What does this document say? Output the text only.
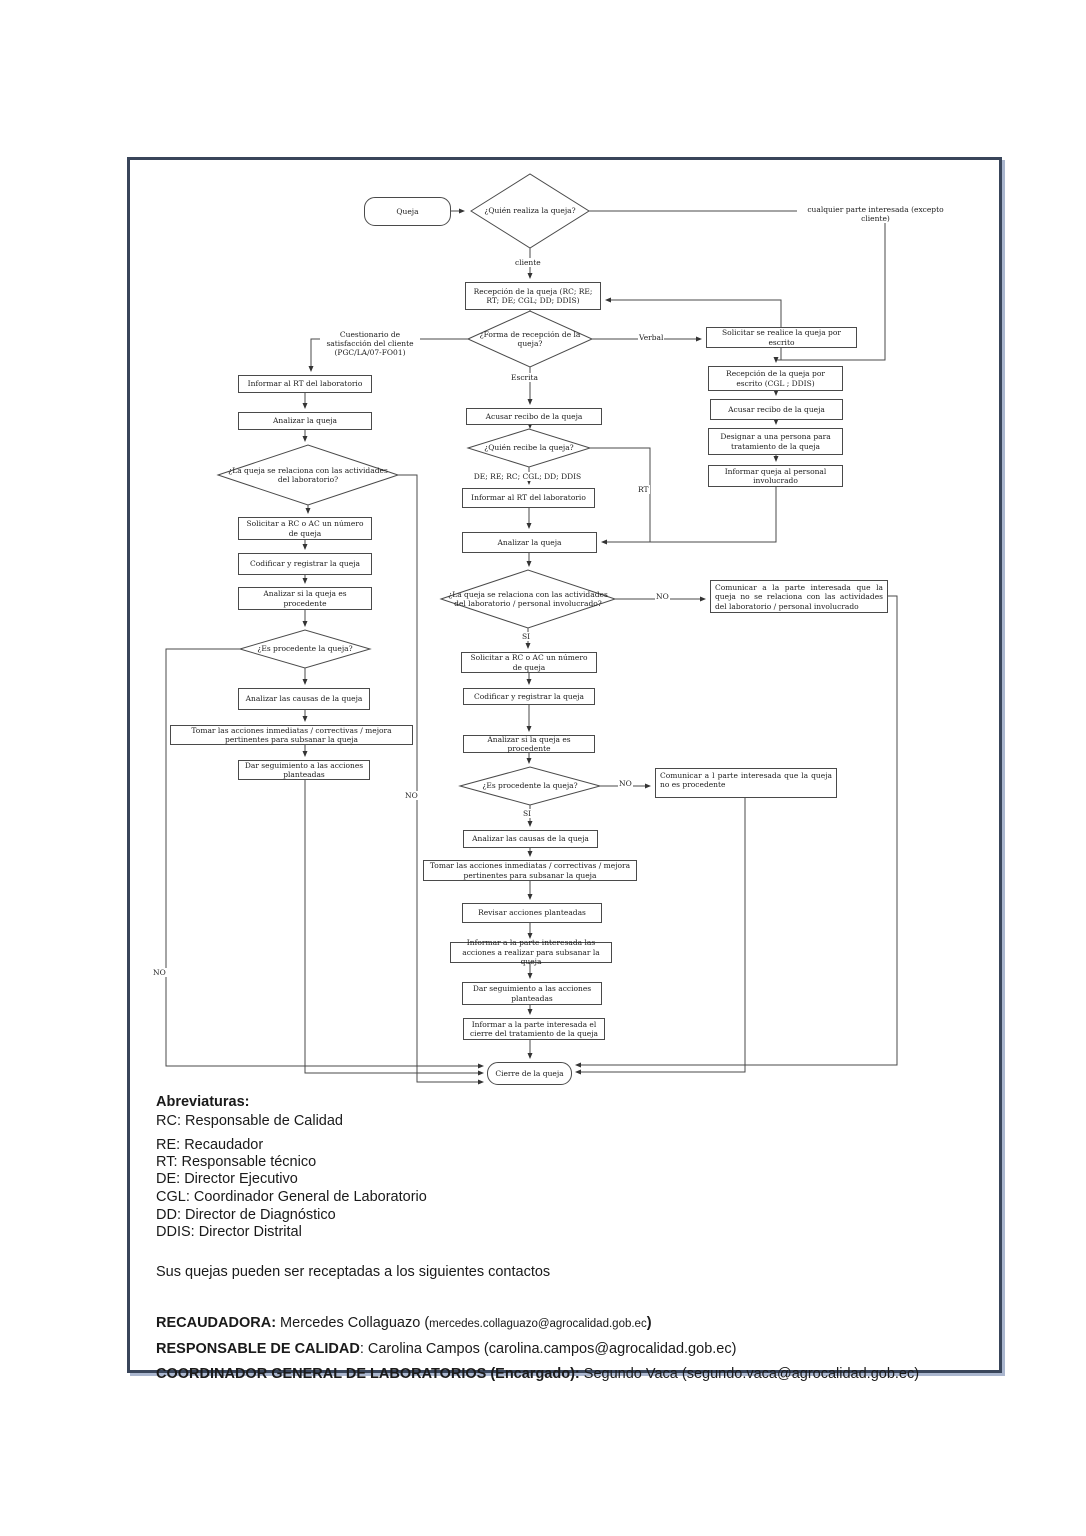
Queja
Cierre de la queja
¿Quién realiza la queja?
¿Forma de recepción de la queja?
¿La queja se relaciona con las actividades del laboratorio?
¿Es procedente la queja?
¿Quién recibe la queja?
¿La queja se relaciona con las actividades del laboratorio / personal involucrado?
¿Es procedente la queja?
Recepción de la queja (RC; RE; RT; DE; CGL; DD; DDIS)
Solicitar se realice la queja por escrito
Recepción de la queja por escrito (CGL ; DDIS)
Acusar recibo de la queja
Designar a una persona para tratamiento de la queja
Informar queja al personal involucrado
Informar al RT del laboratorio
Analizar la queja
Solicitar a RC o AC un número de queja
Codificar y registrar la queja
Analizar si la queja es procedente
Analizar las causas de la queja
Tomar las acciones inmediatas / correctivas / mejora pertinentes para subsanar la queja
Dar seguimiento a las acciones planteadas
Acusar recibo de la queja
Informar al RT del laboratorio
Analizar la queja
Comunicar a la parte interesada que la queja no se relaciona con las actividades del laboratorio / personal involucrado
Solicitar a RC o AC un número de queja
Codificar y registrar la queja
Analizar si la queja es procedente
Comunicar a l parte interesada que la queja no es procedente
Analizar las causas de la queja
Tomar las acciones inmediatas / correctivas / mejora pertinentes para subsanar la queja
Revisar acciones planteadas
Informar a la parte interesada las acciones a realizar para subsanar la queja
Dar seguimiento a las acciones planteadas
Informar a la parte interesada el cierre del tratamiento de la queja
cualquier parte interesada (excepto cliente)
cliente
Cuestionario de satisfacción del cliente (PGC/LA/07-FO01)
Verbal
Escrita
DE; RE; RC; CGL; DD; DDIS
RT
NO
SI
NO
SI
NO
NO
Abreviaturas:
RC: Responsable de Calidad
RE: Recaudador
RT: Responsable técnico
DE: Director Ejecutivo
CGL: Coordinador General de Laboratorio
DD: Director de Diagnóstico
DDIS: Director Distrital
Sus quejas pueden ser receptadas a los siguientes contactos
RECAUDADORA: Mercedes Collaguazo (mercedes.collaguazo@agrocalidad.gob.ec)
RESPONSABLE DE CALIDAD: Carolina Campos (carolina.campos@agrocalidad.gob.ec)
COORDINADOR GENERAL DE LABORATORIOS (Encargado): Segundo Vaca (segundo.vaca@agrocalidad.gob.ec)
